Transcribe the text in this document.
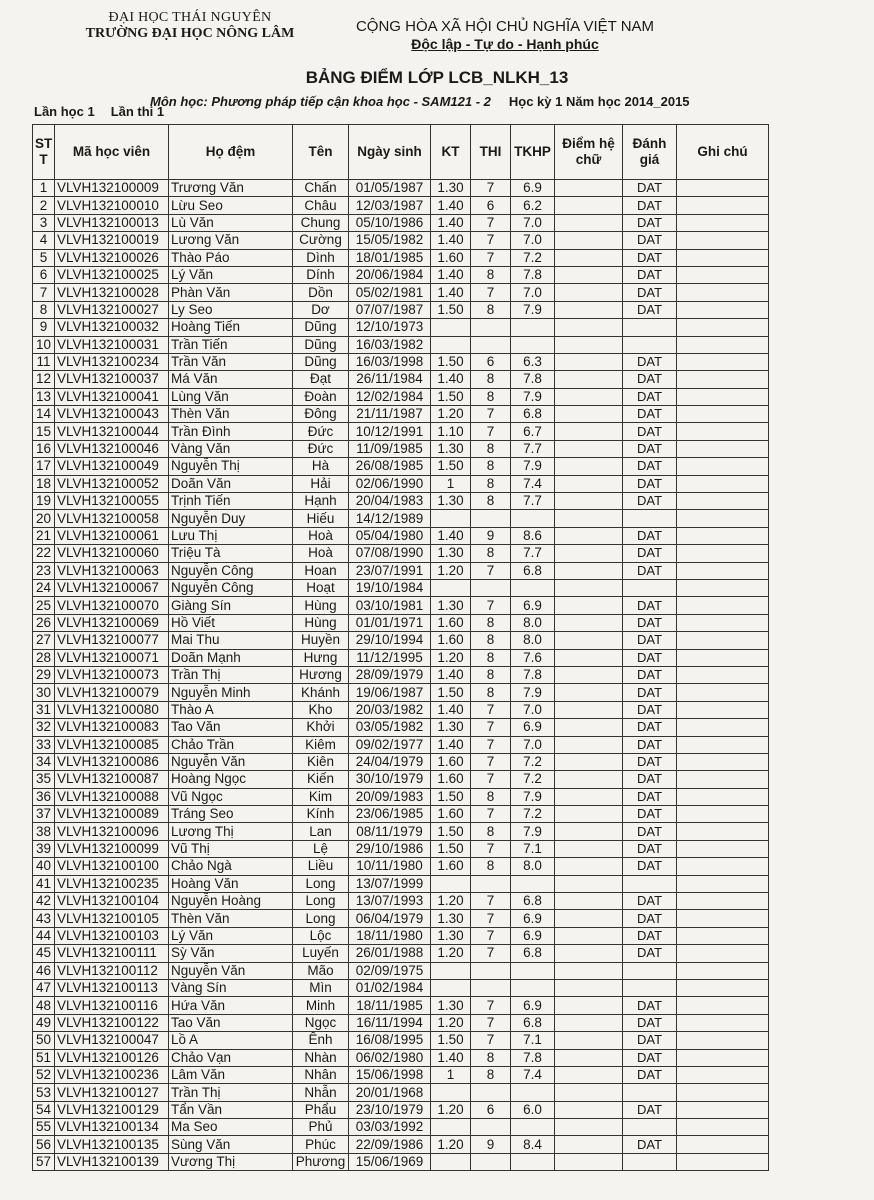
ĐẠI HỌC THÁI NGUYÊN
TRƯỜNG ĐẠI HỌC NÔNG LÂM	CỘNG HÒA XÃ HỘI CHỦ NGHĨA VIỆT NAM
Độc lập - Tự do - Hạnh phúc
BẢNG ĐIỂM LỚP LCB_NLKH_13
Môn học: Phương pháp tiếp cận khoa học - SAM121 - 2 Học kỳ 1 Năm học 2014_2015
Lần học 1 Lần thi 1
ST T	Mã học viên	Họ đệm	Tên	Ngày sinh	KT	THI	TKHP	Điểm hệ chữ	Đánh giá	Ghi chú
1	VLVH132100009	Trương Văn	Chấn	01/05/1987	1.30	7	6.9		DAT	
2	VLVH132100010	Lừu Seo	Châu	12/03/1987	1.40	6	6.2		DAT	
3	VLVH132100013	Lù Văn	Chung	05/10/1986	1.40	7	7.0		DAT	
4	VLVH132100019	Lương Văn	Cường	15/05/1982	1.40	7	7.0		DAT	
5	VLVH132100026	Thào Páo	Dình	18/01/1985	1.60	7	7.2		DAT	
6	VLVH132100025	Lý Văn	Dính	20/06/1984	1.40	8	7.8		DAT	
7	VLVH132100028	Phàn Văn	Dồn	05/02/1981	1.40	7	7.0		DAT	
8	VLVH132100027	Ly Seo	Dơ	07/07/1987	1.50	8	7.9		DAT	
9	VLVH132100032	Hoàng Tiến	Dũng	12/10/1973						
10	VLVH132100031	Trần Tiến	Dũng	16/03/1982						
11	VLVH132100234	Trần Văn	Dũng	16/03/1998	1.50	6	6.3		DAT	
12	VLVH132100037	Má Văn	Đạt	26/11/1984	1.40	8	7.8		DAT	
13	VLVH132100041	Lùng Văn	Đoàn	12/02/1984	1.50	8	7.9		DAT	
14	VLVH132100043	Thèn Văn	Đông	21/11/1987	1.20	7	6.8		DAT	
15	VLVH132100044	Trần Đình	Đức	10/12/1991	1.10	7	6.7		DAT	
16	VLVH132100046	Vàng Văn	Đức	11/09/1985	1.30	8	7.7		DAT	
17	VLVH132100049	Nguyễn Thị	Hà	26/08/1985	1.50	8	7.9		DAT	
18	VLVH132100052	Doãn Văn	Hải	02/06/1990	1	8	7.4		DAT	
19	VLVH132100055	Trịnh Tiến	Hạnh	20/04/1983	1.30	8	7.7		DAT	
20	VLVH132100058	Nguyễn Duy	Hiếu	14/12/1989						
21	VLVH132100061	Lưu Thị	Hoà	05/04/1980	1.40	9	8.6		DAT	
22	VLVH132100060	Triệu Tà	Hoà	07/08/1990	1.30	8	7.7		DAT	
23	VLVH132100063	Nguyễn Công	Hoan	23/07/1991	1.20	7	6.8		DAT	
24	VLVH132100067	Nguyễn Công	Hoạt	19/10/1984						
25	VLVH132100070	Giàng Sín	Hùng	03/10/1981	1.30	7	6.9		DAT	
26	VLVH132100069	Hồ Viết	Hùng	01/01/1971	1.60	8	8.0		DAT	
27	VLVH132100077	Mai Thu	Huyền	29/10/1994	1.60	8	8.0		DAT	
28	VLVH132100071	Doãn Mạnh	Hưng	11/12/1995	1.20	8	7.6		DAT	
29	VLVH132100073	Trần Thị	Hương	28/09/1979	1.40	8	7.8		DAT	
30	VLVH132100079	Nguyễn Minh	Khánh	19/06/1987	1.50	8	7.9		DAT	
31	VLVH132100080	Thào A	Kho	20/03/1982	1.40	7	7.0		DAT	
32	VLVH132100083	Tao Văn	Khởi	03/05/1982	1.30	7	6.9		DAT	
33	VLVH132100085	Chảo Trần	Kiêm	09/02/1977	1.40	7	7.0		DAT	
34	VLVH132100086	Nguyễn Văn	Kiên	24/04/1979	1.60	7	7.2		DAT	
35	VLVH132100087	Hoàng Ngọc	Kiến	30/10/1979	1.60	7	7.2		DAT	
36	VLVH132100088	Vũ Ngọc	Kim	20/09/1983	1.50	8	7.9		DAT	
37	VLVH132100089	Tráng Seo	Kính	23/06/1985	1.60	7	7.2		DAT	
38	VLVH132100096	Lương Thị	Lan	08/11/1979	1.50	8	7.9		DAT	
39	VLVH132100099	Vũ Thị	Lệ	29/10/1986	1.50	7	7.1		DAT	
40	VLVH132100100	Chảo Ngà	Liều	10/11/1980	1.60	8	8.0		DAT	
41	VLVH132100235	Hoàng Văn	Long	13/07/1999						
42	VLVH132100104	Nguyễn Hoàng	Long	13/07/1993	1.20	7	6.8		DAT	
43	VLVH132100105	Thèn Văn	Long	06/04/1979	1.30	7	6.9		DAT	
44	VLVH132100103	Lý Văn	Lộc	18/11/1980	1.30	7	6.9		DAT	
45	VLVH132100111	Sỳ Văn	Luyến	26/01/1988	1.20	7	6.8		DAT	
46	VLVH132100112	Nguyễn Văn	Mão	02/09/1975						
47	VLVH132100113	Vàng Sín	Mìn	01/02/1984						
48	VLVH132100116	Hứa Văn	Minh	18/11/1985	1.30	7	6.9		DAT	
49	VLVH132100122	Tao Văn	Ngọc	16/11/1994	1.20	7	6.8		DAT	
50	VLVH132100047	Lồ A	Ênh	16/08/1995	1.50	7	7.1		DAT	
51	VLVH132100126	Chảo Vạn	Nhàn	06/02/1980	1.40	8	7.8		DAT	
52	VLVH132100236	Lâm Văn	Nhân	15/06/1998	1	8	7.4		DAT	
53	VLVH132100127	Trần Thị	Nhẫn	20/01/1968						
54	VLVH132100129	Tẩn Vần	Phẩu	23/10/1979	1.20	6	6.0		DAT	
55	VLVH132100134	Ma Seo	Phủ	03/03/1992						
56	VLVH132100135	Sùng Văn	Phúc	22/09/1986	1.20	9	8.4		DAT	
57	VLVH132100139	Vương Thị	Phương	15/06/1969						
